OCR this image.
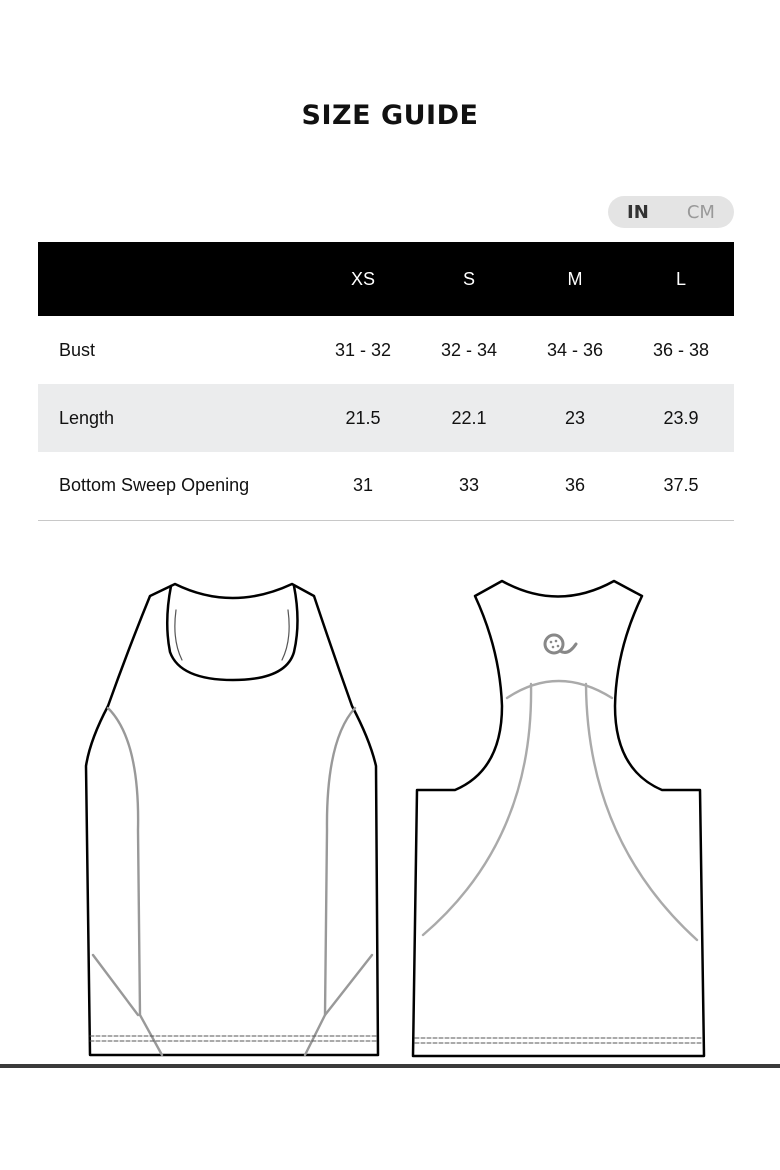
SIZE GUIDE
IN CM
	XS	S	M	L
Bust	31 - 32	32 - 34	34 - 36	36 - 38
Length	21.5	22.1	23	23.9
Bottom Sweep Opening	31	33	36	37.5
